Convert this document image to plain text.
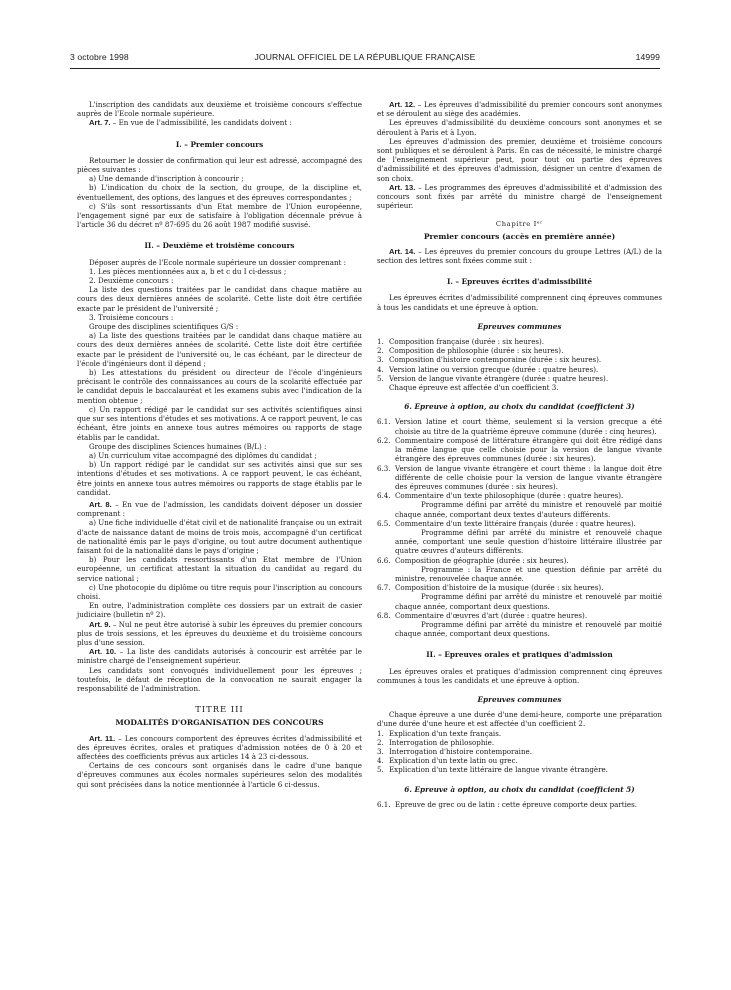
3 octobre 1998	JOURNAL OFFICIEL DE LA RÉPUBLIQUE FRANÇAISE	14999

L'inscription des candidats aux deuxième et troisième concours s'effectue auprès de l'Ecole normale supérieure.

Art. 7. – En vue de l'admissibilité, les candidats doivent :

I. – Premier concours

Retourner le dossier de confirmation qui leur est adressé, accompagné des pièces suivantes :

a) Une demande d'inscription à concourir ;

b) L'indication du choix de la section, du groupe, de la discipline et, éventuellement, des options, des langues et des épreuves correspondantes ;

c) S'ils sont ressortissants d'un Etat membre de l'Union européenne, l'engagement signé par eux de satisfaire à l'obligation décennale prévue à l'article 36 du décret nº 87-695 du 26 août 1987 modifié susvisé.

II. – Deuxième et troisième concours

Déposer auprès de l'Ecole normale supérieure un dossier comprenant :

1. Les pièces mentionnées aux a, b et c du I ci-dessus ;

2. Deuxième concours :

La liste des questions traitées par le candidat dans chaque matière au cours des deux dernières années de scolarité. Cette liste doit être certifiée exacte par le président de l'université ;

3. Troisième concours :

Groupe des disciplines scientifiques G/S :

a) La liste des questions traitées par le candidat dans chaque matière au cours des deux dernières années de scolarité. Cette liste doit être certifiée exacte par le président de l'université ou, le cas échéant, par le directeur de l'école d'ingénieurs dont il dépend ;

b) Les attestations du président ou directeur de l'école d'ingénieurs précisant le contrôle des connaissances au cours de la scolarité effectuée par le candidat depuis le baccalauréat et les examens subis avec l'indication de la mention obtenue ;

c) Un rapport rédigé par le candidat sur ses activités scientifiques ainsi que sur ses intentions d'études et ses motivations. A ce rapport peuvent, le cas échéant, être joints en annexe tous autres mémoires ou rapports de stage établis par le candidat.

Groupe des disciplines Sciences humaines (B/L) :

a) Un curriculum vitae accompagné des diplômes du candidat ;

b) Un rapport rédigé par le candidat sur ses activités ainsi que sur ses intentions d'études et ses motivations. A ce rapport peuvent, le cas échéant, être joints en annexe tous autres mémoires ou rapports de stage établis par le candidat.

Art. 8. – En vue de l'admission, les candidats doivent déposer un dossier comprenant :

a) Une fiche individuelle d'état civil et de nationalité française ou un extrait d'acte de naissance datant de moins de trois mois, accompagné d'un certificat de nationalité émis par le pays d'origine, ou tout autre document authentique faisant foi de la nationalité dans le pays d'origine ;

b) Pour les candidats ressortissants d'un Etat membre de l'Union européenne, un certificat attestant la situation du candidat au regard du service national ;

c) Une photocopie du diplôme ou titre requis pour l'inscription au concours choisi.

En outre, l'administration complète ces dossiers par un extrait de casier judiciaire (bulletin nº 2).

Art. 9. – Nul ne peut être autorisé à subir les épreuves du premier concours plus de trois sessions, et les épreuves du deuxième et du troisième concours plus d'une session.

Art. 10. – La liste des candidats autorisés à concourir est arrêtée par le ministre chargé de l'enseignement supérieur.

Les candidats sont convoqués individuellement pour les épreuves ; toutefois, le défaut de réception de la convocation ne saurait engager la responsabilité de l'administration.

TITRE III

MODALITÉS D'ORGANISATION DES CONCOURS

Art. 11. – Les concours comportent des épreuves écrites d'admissibilité et des épreuves écrites, orales et pratiques d'admission notées de 0 à 20 et affectées des coefficients prévus aux articles 14 à 23 ci-dessous.

Certains de ces concours sont organisés dans le cadre d'une banque d'épreuves communes aux écoles normales supérieures selon des modalités qui sont précisées dans la notice mentionnée à l'article 6 ci-dessus.

Art. 12. – Les épreuves d'admissibilité du premier concours sont anonymes et se déroulent au siège des académies.

Les épreuves d'admissibilité du deuxième concours sont anonymes et se déroulent à Paris et à Lyon.

Les épreuves d'admission des premier, deuxième et troisième concours sont publiques et se déroulent à Paris. En cas de nécessité, le ministre chargé de l'enseignement supérieur peut, pour tout ou partie des épreuves d'admissibilité et des épreuves d'admission, désigner un centre d'examen de son choix.

Art. 13. – Les programmes des épreuves d'admissibilité et d'admission des concours sont fixés par arrêté du ministre chargé de l'enseignement supérieur.

Chapitre Iᵉʳ

Premier concours (accès en première année)

Art. 14. – Les épreuves du premier concours du groupe Lettres (A/L) de la section des lettres sont fixées comme suit :

I. – Epreuves écrites d'admissibilité

Les épreuves écrites d'admissibilité comprennent cinq épreuves communes à tous les candidats et une épreuve à option.

Epreuves communes

1. Composition française (durée : six heures).
2. Composition de philosophie (durée : six heures).
3. Composition d'histoire contemporaine (durée : six heures).
4. Version latine ou version grecque (durée : quatre heures).
5. Version de langue vivante étrangère (durée : quatre heures).

Chaque épreuve est affectée d'un coefficient 3.

6. Epreuve à option, au choix du candidat (coefficient 3)

6.1. Version latine et court thème, seulement si la version grecque a été choisie au titre de la quatrième épreuve commune (durée : cinq heures).
6.2. Commentaire composé de littérature étrangère qui doit être rédigé dans la même langue que celle choisie pour la version de langue vivante étrangère des épreuves communes (durée : six heures).
6.3. Version de langue vivante étrangère et court thème : la langue doit être différente de celle choisie pour la version de langue vivante étrangère des épreuves communes (durée : six heures).
6.4. Commentaire d'un texte philosophique (durée : quatre heures).

Programme défini par arrêté du ministre et renouvelé par moitié chaque année, comportant deux textes d'auteurs différents.

6.5. Commentaire d'un texte littéraire français (durée : quatre heures).

Programme défini par arrêté du ministre et renouvelé chaque année, comportant une seule question d'histoire littéraire illustrée par quatre œuvres d'auteurs différents.

6.6. Composition de géographie (durée : six heures).

Programme : la France et une question définie par arrêté du ministre, renouvelée chaque année.

6.7. Composition d'histoire de la musique (durée : six heures).

Programme défini par arrêté du ministre et renouvelé par moitié chaque année, comportant deux questions.

6.8. Commentaire d'œuvres d'art (durée : quatre heures).

Programme défini par arrêté du ministre et renouvelé par moitié chaque année, comportant deux questions.

II. – Epreuves orales et pratiques d'admission

Les épreuves orales et pratiques d'admission comprennent cinq épreuves communes à tous les candidats et une épreuve à option.

Epreuves communes

Chaque épreuve a une durée d'une demi-heure, comporte une préparation d'une durée d'une heure et est affectée d'un coefficient 2.

1. Explication d'un texte français.
2. Interrogation de philosophie.
3. Interrogation d'histoire contemporaine.
4. Explication d'un texte latin ou grec.
5. Explication d'un texte littéraire de langue vivante étrangère.

6. Epreuve à option, au choix du candidat (coefficient 5)

6.1. Epreuve de grec ou de latin : cette épreuve comporte deux parties.
